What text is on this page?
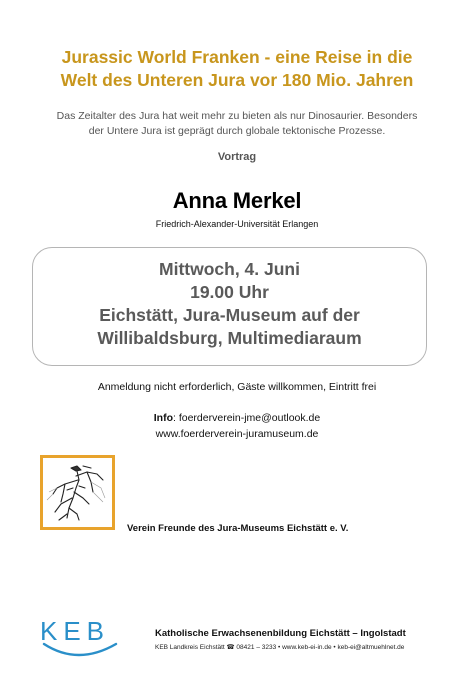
Jurassic World Franken - eine Reise in die
Welt des Unteren Jura vor 180 Mio. Jahren
Das Zeitalter des Jura hat weit mehr zu bieten als nur Dinosaurier. Besonders
der Untere Jura ist geprägt durch globale tektonische Prozesse.
Vortrag
Anna Merkel
Friedrich-Alexander-Universität Erlangen
Mittwoch, 4. Juni
19.00 Uhr
Eichstätt, Jura-Museum auf der
Willibaldsburg, Multimediaraum
Anmeldung nicht erforderlich, Gäste willkommen, Eintritt frei
Info: foerderverein-jme@outlook.de
www.foerderverein-juramuseum.de
Verein Freunde des Jura-Museums Eichstätt e. V.
KEB	Katholische Erwachsenenbildung Eichstätt – Ingolstadt
KEB Landkreis Eichstätt ☎ 08421 – 3233 • www.keb-ei-in.de • keb-ei@altmuehlnet.de
